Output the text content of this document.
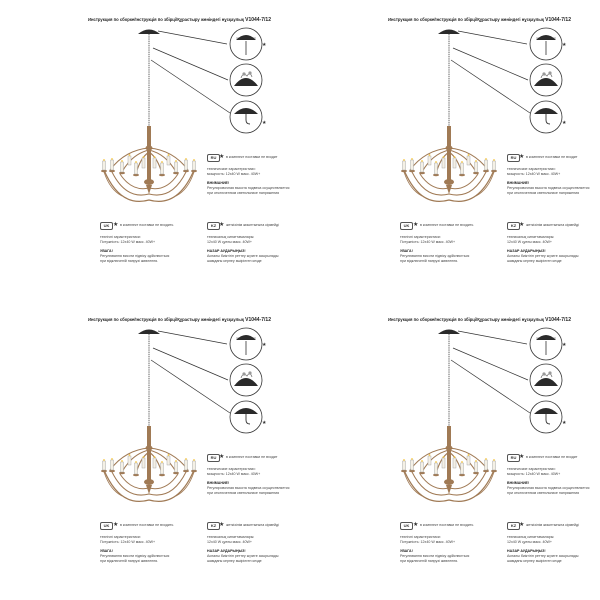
Инструкция по сборке/Інструкція по збірці/Құрастыру жөніндегі нұсқаулық V1044-7/12
★
★
RU ★ в комплект поставки не входит
технические характеристики:
мощность: 12х40 W макс. 40W+
ВНИМАНИЕ!
Регулировочная высота подвеса осуществляется
при отключенном светильнике напряжения
UK ★ в комплект поставки не входить
технічні характеристики:
Потужність: 12х40 W макс. 40W+
УВАГА!
Регулювання висоти підвісу здійснюється
при відключеній напрузі живлення.
KZ ★ жеткізілім жиынтығына кірмейді
техникалық сипаттамалары:
12х40 W қуаты макс. 40W+
НАЗАР АУДАРЫҢЫЗ!
Аспалы биіктігін реттеу жүзеге асырылады
шамдағы кернеу өшірілген кезде
Инструкция по сборке/Інструкція по збірці/Құрастыру жөніндегі нұсқаулық V1044-7/12
★
★
RU ★ в комплект поставки не входит
технические характеристики:
мощность: 12х40 W макс. 40W+
ВНИМАНИЕ!
Регулировочная высота подвеса осуществляется
при отключенном светильнике напряжения
UK ★ в комплект поставки не входить
технічні характеристики:
Потужність: 12х40 W макс. 40W+
УВАГА!
Регулювання висоти підвісу здійснюється
при відключеній напрузі живлення.
KZ ★ жеткізілім жиынтығына кірмейді
техникалық сипаттамалары:
12х40 W қуаты макс. 40W+
НАЗАР АУДАРЫҢЫЗ!
Аспалы биіктігін реттеу жүзеге асырылады
шамдағы кернеу өшірілген кезде
Инструкция по сборке/Інструкція по збірці/Құрастыру жөніндегі нұсқаулық V1044-7/12
★
★
RU ★ в комплект поставки не входит
технические характеристики:
мощность: 12х40 W макс. 40W+
ВНИМАНИЕ!
Регулировочная высота подвеса осуществляется
при отключенном светильнике напряжения
UK ★ в комплект поставки не входить
технічні характеристики:
Потужність: 12х40 W макс. 40W+
УВАГА!
Регулювання висоти підвісу здійснюється
при відключеній напрузі живлення.
KZ ★ жеткізілім жиынтығына кірмейді
техникалық сипаттамалары:
12х40 W қуаты макс. 40W+
НАЗАР АУДАРЫҢЫЗ!
Аспалы биіктігін реттеу жүзеге асырылады
шамдағы кернеу өшірілген кезде
Инструкция по сборке/Інструкція по збірці/Құрастыру жөніндегі нұсқаулық V1044-7/12
★
★
RU ★ в комплект поставки не входит
технические характеристики:
мощность: 12х40 W макс. 40W+
ВНИМАНИЕ!
Регулировочная высота подвеса осуществляется
при отключенном светильнике напряжения
UK ★ в комплект поставки не входить
технічні характеристики:
Потужність: 12х40 W макс. 40W+
УВАГА!
Регулювання висоти підвісу здійснюється
при відключеній напрузі живлення.
KZ ★ жеткізілім жиынтығына кірмейді
техникалық сипаттамалары:
12х40 W қуаты макс. 40W+
НАЗАР АУДАРЫҢЫЗ!
Аспалы биіктігін реттеу жүзеге асырылады
шамдағы кернеу өшірілген кезде
